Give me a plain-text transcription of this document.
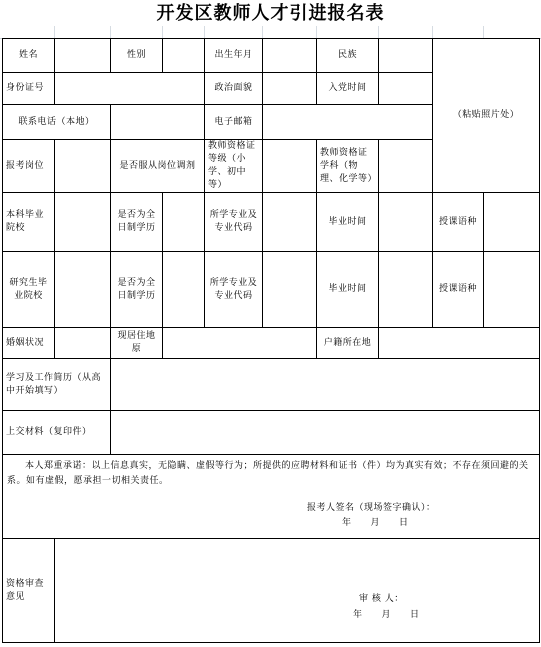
开发区教师人才引进报名表
姓名		性别		出生年月		民族		（粘贴照片处）	
身份证号				政治面貌		入党时间			
联系电话（本地）				电子邮箱					
报考岗位		是否服从岗位调剂		教师资格证等级（小学、初中等）		教师资格证学科（物理、化学等）			
本科毕业院校		是否为全日制学历		所学专业及专业代码		毕业时间		授课语种	
研究生毕业院校		是否为全日制学历		所学专业及专业代码		毕业时间		授课语种	
婚姻状况		现居住地原				户籍所在地			
学习及工作简历（从高中开始填写）									
上交材料（复印件）									

本人郑重承诺：以上信息真实，无隐瞒、虚假等行为；所提供的应聘材料和证书（件）均为真实有效；不存在须回避的关系。如有虚假，愿承担一切相关责任。
报考人签名（现场签字确认）：
年　　月　　日									

资格审查意见	审 核 人：
年　　月　　日								
